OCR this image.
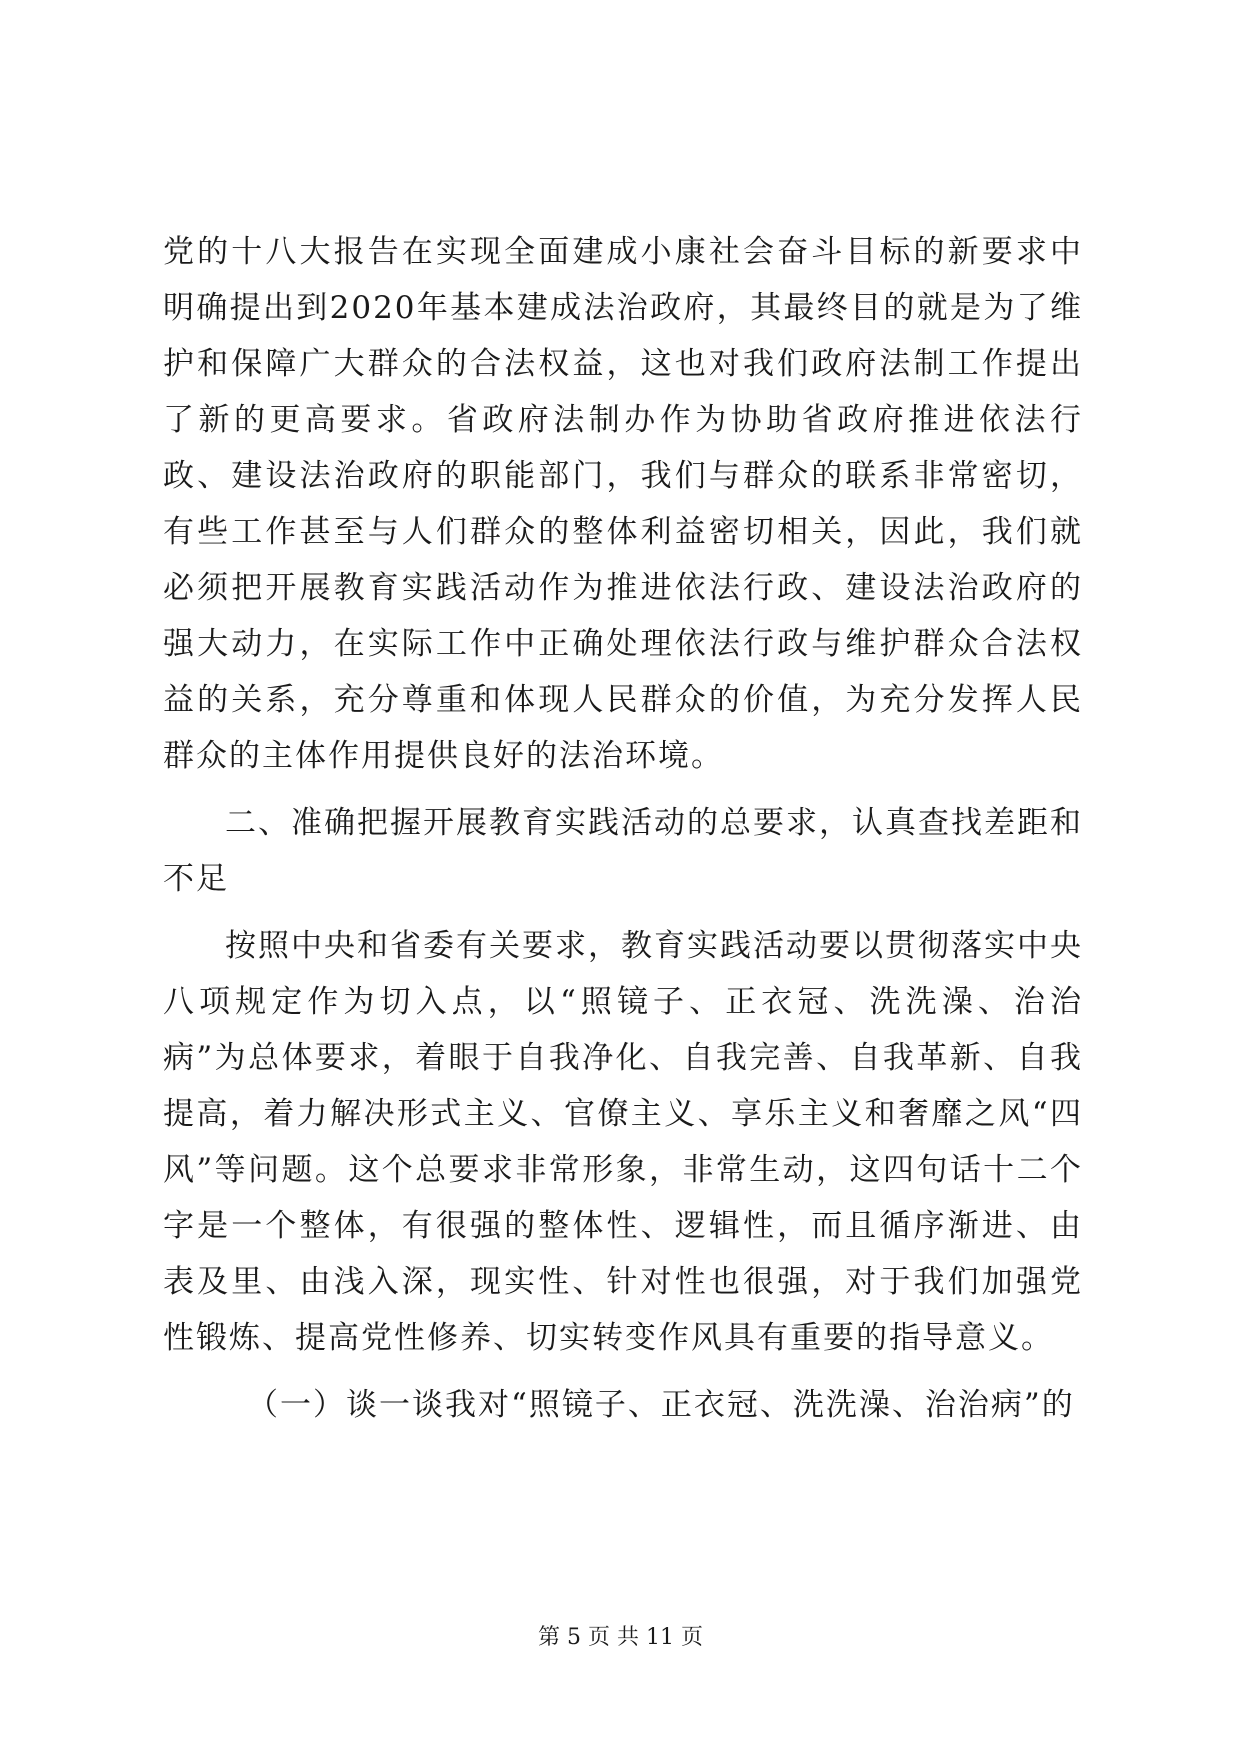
党的十八大报告在实现全面建成小康社会奋斗目标的新要求中明确提出到2020年基本建成法治政府，其最终目的就是为了维护和保障广大群众的合法权益，这也对我们政府法制工作提出了新的更高要求。省政府法制办作为协助省政府推进依法行政、建设法治政府的职能部门，我们与群众的联系非常密切，有些工作甚至与人们群众的整体利益密切相关，因此，我们就必须把开展教育实践活动作为推进依法行政、建设法治政府的强大动力，在实际工作中正确处理依法行政与维护群众合法权益的关系，充分尊重和体现人民群众的价值，为充分发挥人民群众的主体作用提供良好的法治环境。

二、准确把握开展教育实践活动的总要求，认真查找差距和不足

按照中央和省委有关要求，教育实践活动要以贯彻落实中央八项规定作为切入点，以“照镜子、正衣冠、洗洗澡、治治病”为总体要求，着眼于自我净化、自我完善、自我革新、自我提高，着力解决形式主义、官僚主义、享乐主义和奢靡之风“四风”等问题。这个总要求非常形象，非常生动，这四句话十二个字是一个整体，有很强的整体性、逻辑性，而且循序渐进、由表及里、由浅入深，现实性、针对性也很强，对于我们加强党性锻炼、提高党性修养、切实转变作风具有重要的指导意义。

（一）谈一谈我对“照镜子、正衣冠、洗洗澡、治治病”的

第 5 页 共 11 页
